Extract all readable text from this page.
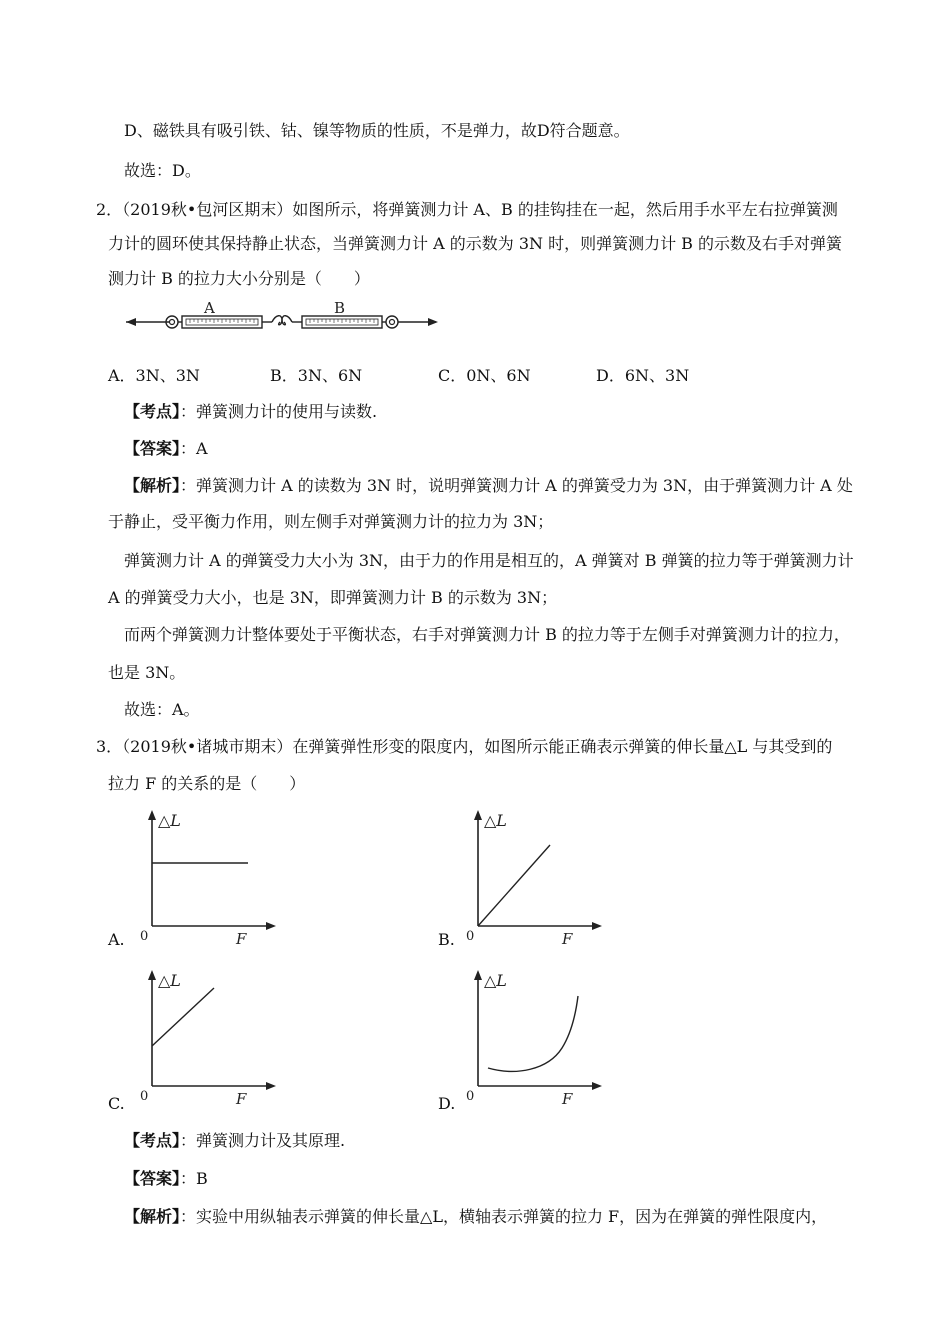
D、磁铁具有吸引铁、钴、镍等物质的性质，不是弹力，故D符合题意。
故选：D。
2．（2019秋•包河区期末）如图所示，将弹簧测力计 A、B 的挂钩挂在一起，然后用手水平左右拉弹簧测
力计的圆环使其保持静止状态，当弹簧测力计 A 的示数为 3N 时，则弹簧测力计 B 的示数及右手对弹簧
测力计 B 的拉力大小分别是（　　）
A	B
A．3N、3N	B．3N、6N	C．0N、6N	D．6N、3N
【考点】：弹簧测力计的使用与读数.
【答案】：A
【解析】：弹簧测力计 A 的读数为 3N 时，说明弹簧测力计 A 的弹簧受力为 3N，由于弹簧测力计 A 处
于静止，受平衡力作用，则左侧手对弹簧测力计的拉力为 3N；
弹簧测力计 A 的弹簧受力大小为 3N，由于力的作用是相互的，A 弹簧对 B 弹簧的拉力等于弹簧测力计
A 的弹簧受力大小，也是 3N，即弹簧测力计 B 的示数为 3N；
而两个弹簧测力计整体要处于平衡状态，右手对弹簧测力计 B 的拉力等于左侧手对弹簧测力计的拉力，
也是 3N。
故选：A。
3．（2019秋•诸城市期末）在弹簧弹性形变的限度内，如图所示能正确表示弹簧的伸长量△L 与其受到的
拉力 F 的关系的是（　　）
A.
△L
F
0	B.
△L
F
0
C.
△L
F
0	D.
△L
F
0
【考点】：弹簧测力计及其原理.
【答案】：B
【解析】：实验中用纵轴表示弹簧的伸长量△L，横轴表示弹簧的拉力 F，因为在弹簧的弹性限度内，
